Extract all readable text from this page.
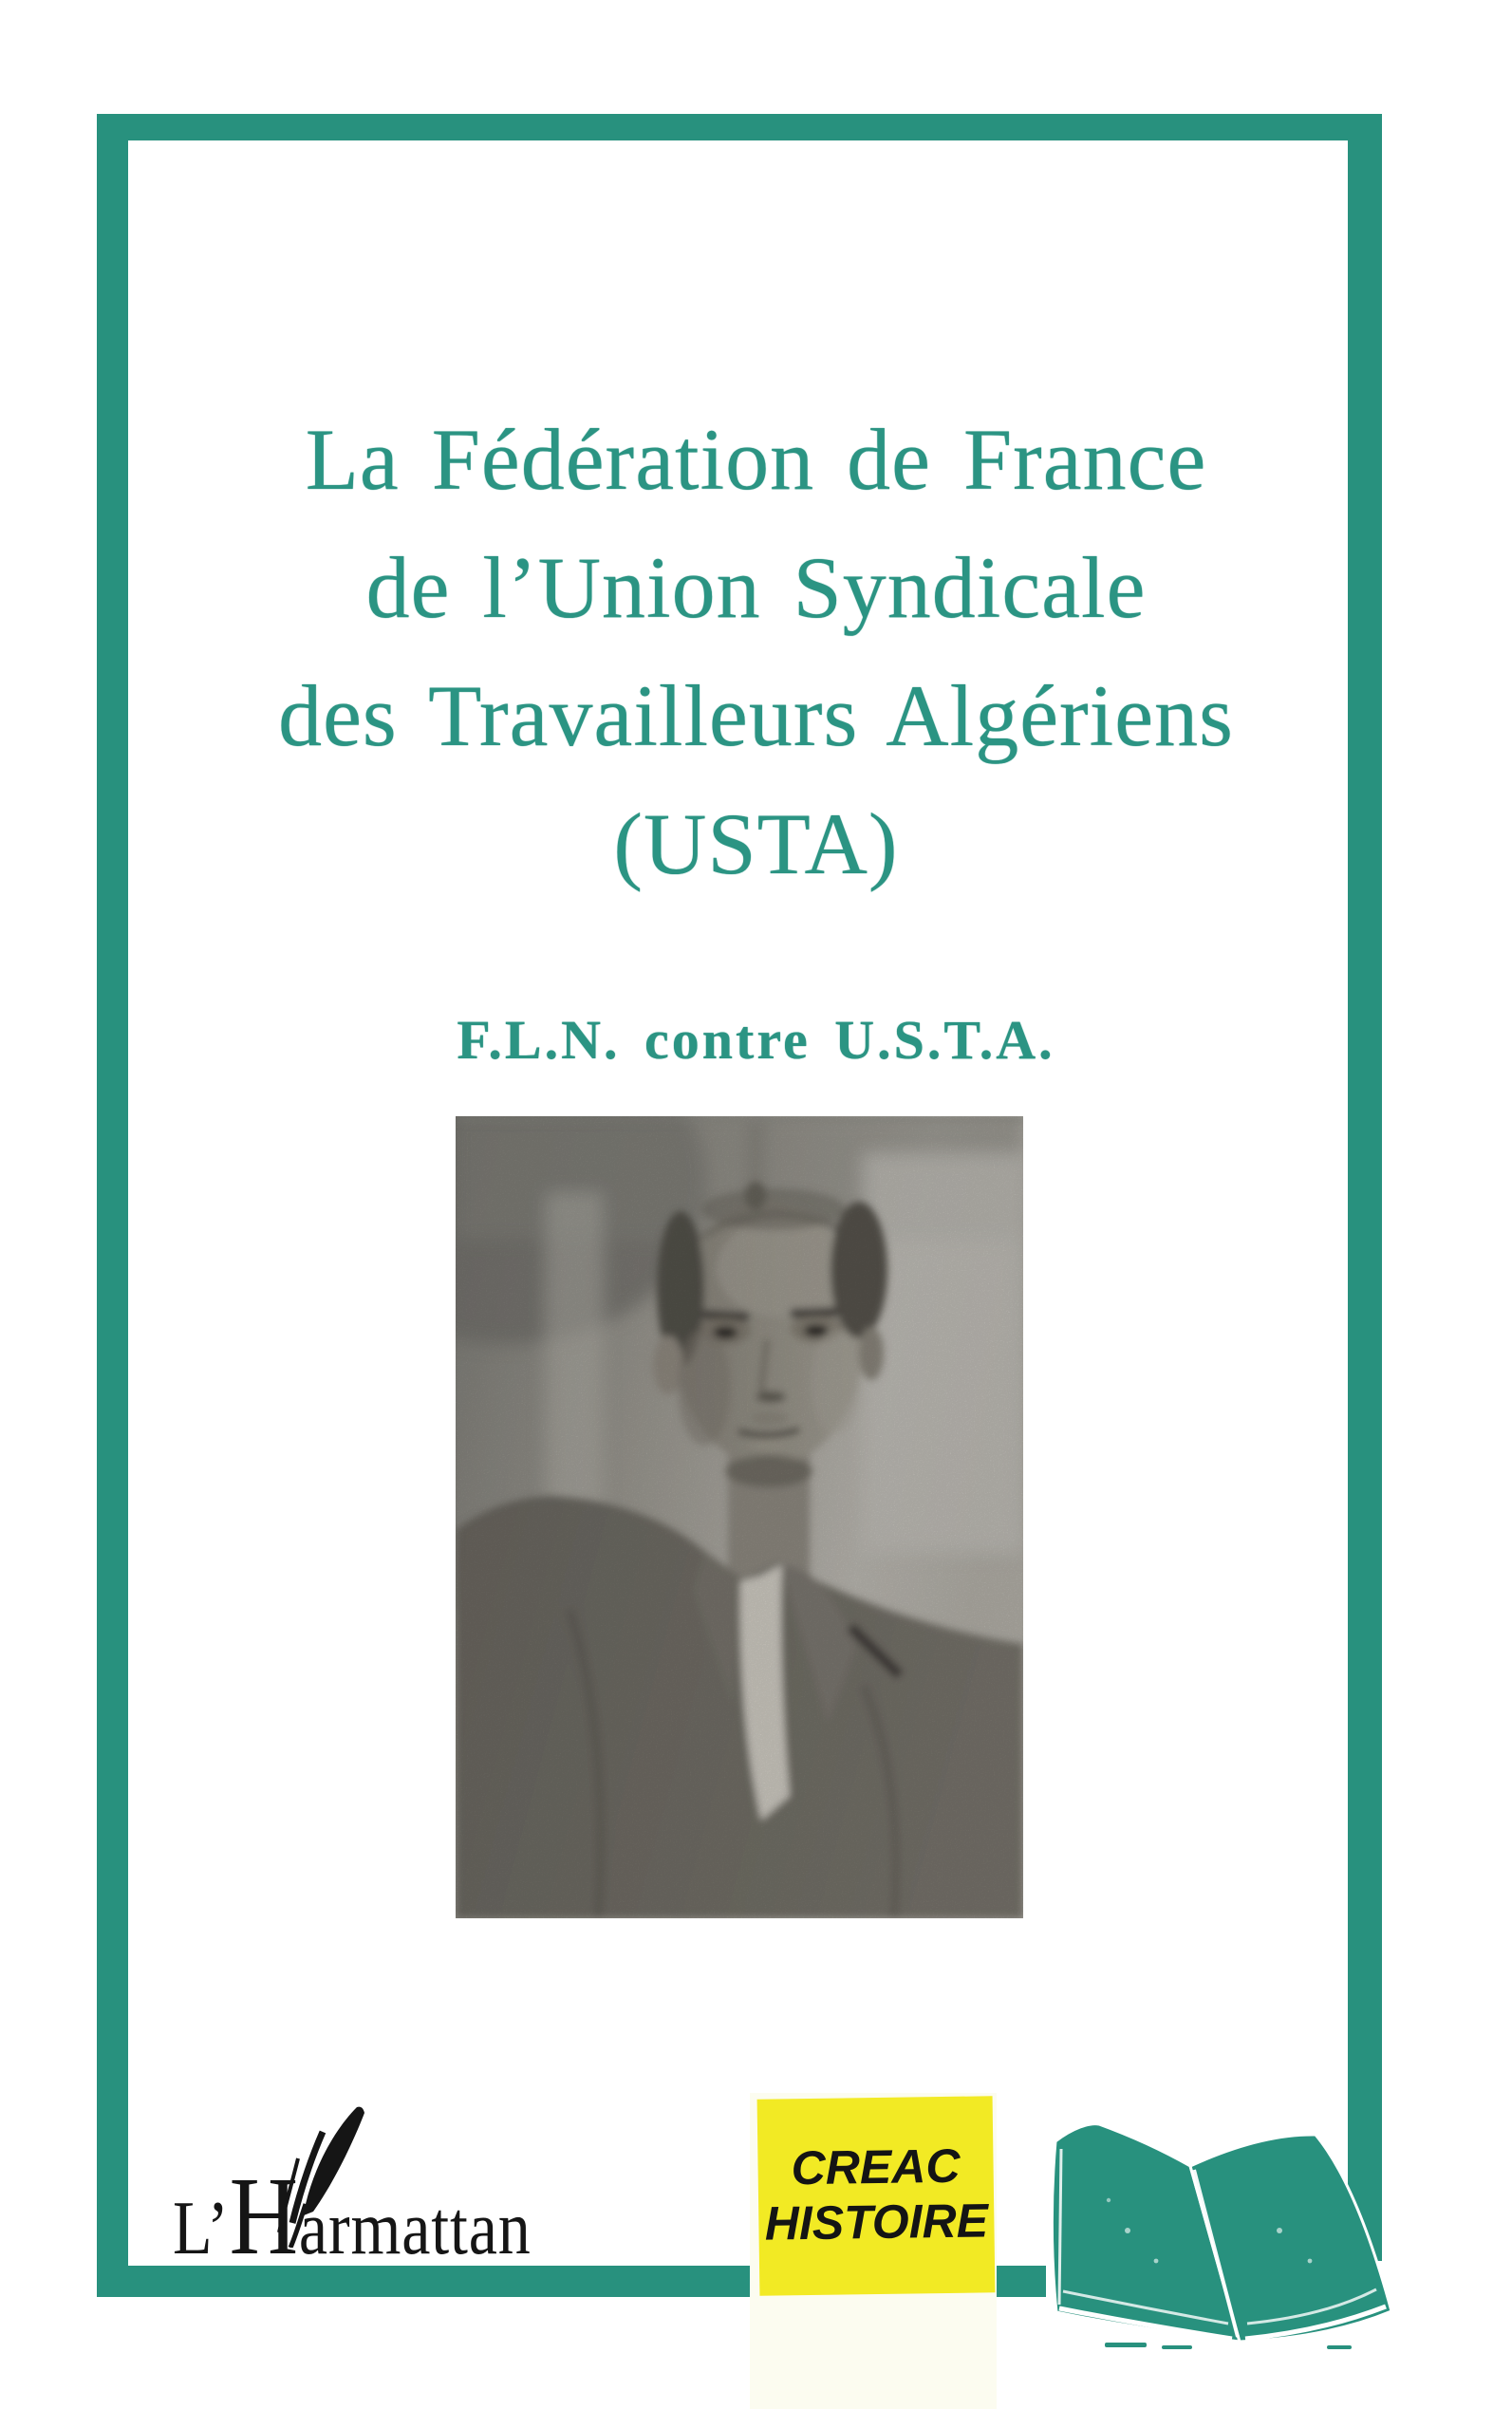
La Fédération de France
de l’Union Syndicale
des Travailleurs Algériens
(USTA)
F.L.N. contre U.S.T.A.
CREAC
HISTOIRE
L’ H armattan
